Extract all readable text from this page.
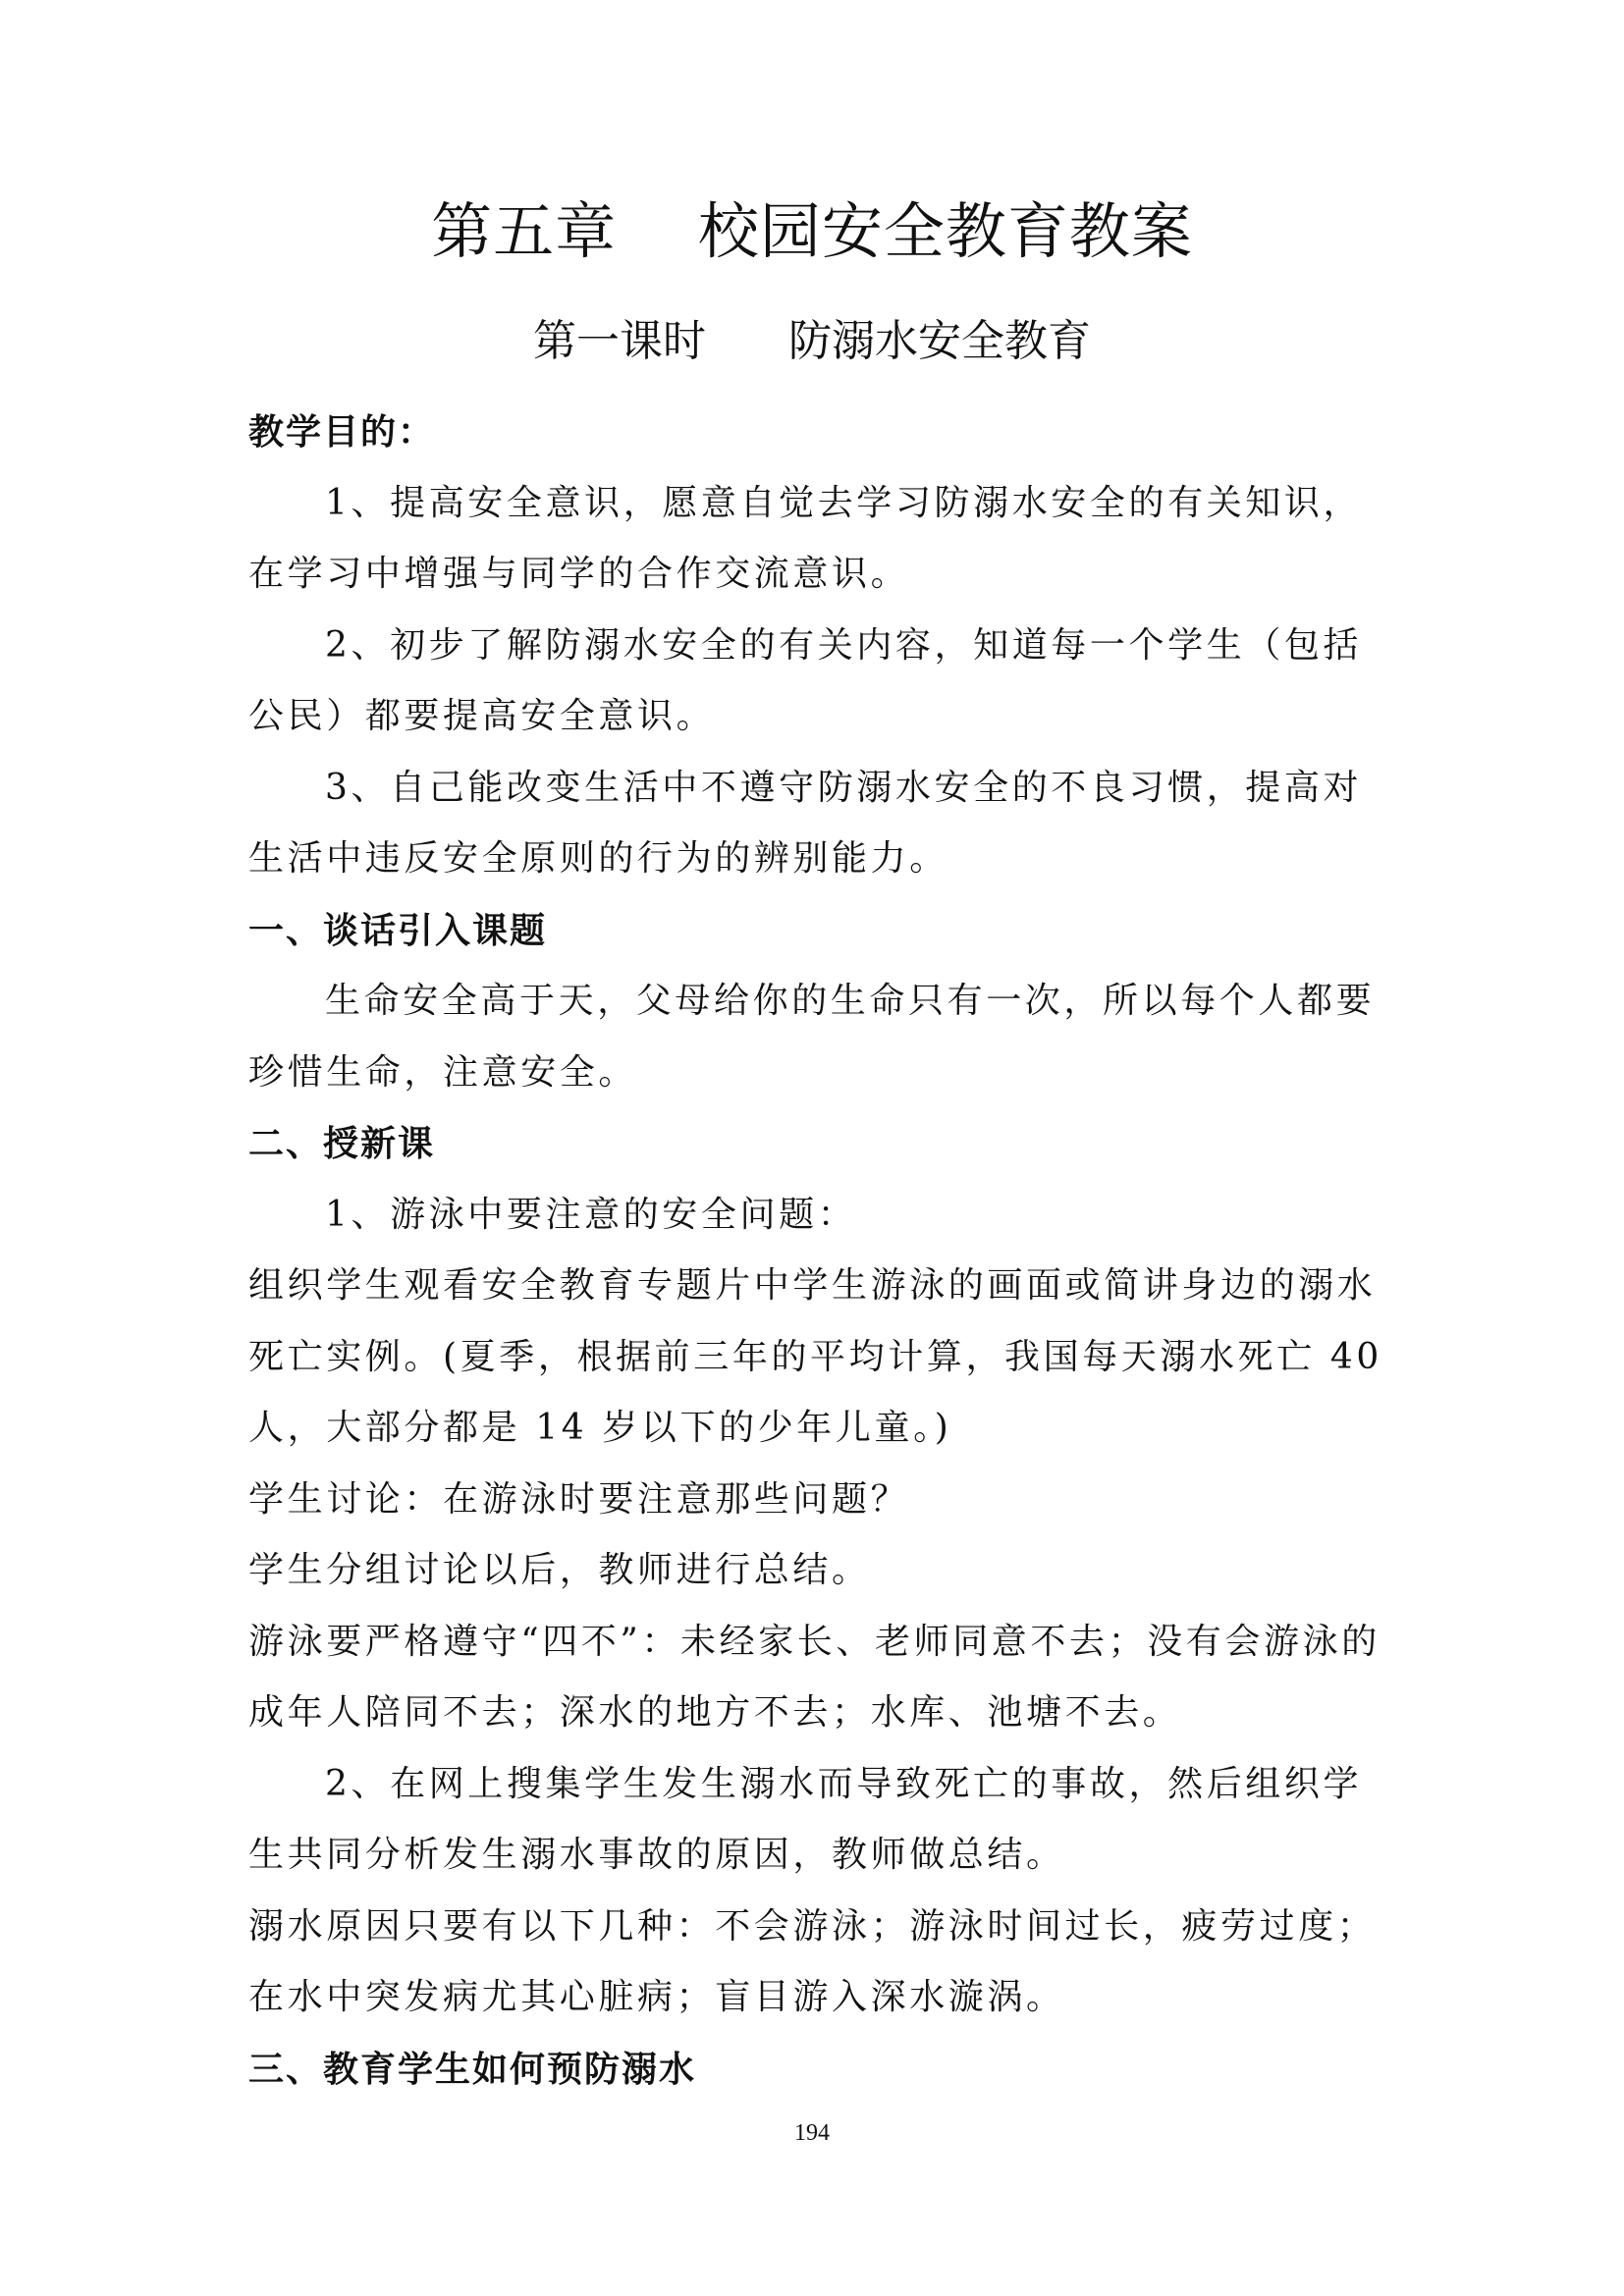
第五章    校园安全教育教案
第一课时      防溺水安全教育

教学目的：

1、提高安全意识，愿意自觉去学习防溺水安全的有关知识，在学习中增强与同学的合作交流意识。

2、初步了解防溺水安全的有关内容，知道每一个学生（包括公民）都要提高安全意识。

3、自己能改变生活中不遵守防溺水安全的不良习惯，提高对生活中违反安全原则的行为的辨别能力。

一、谈话引入课题

生命安全高于天，父母给你的生命只有一次，所以每个人都要珍惜生命，注意安全。

二、授新课

1、游泳中要注意的安全问题：

组织学生观看安全教育专题片中学生游泳的画面或简讲身边的溺水死亡实例。(夏季，根据前三年的平均计算，我国每天溺水死亡 40 人，大部分都是 14 岁以下的少年儿童。)

学生讨论：在游泳时要注意那些问题？

学生分组讨论以后，教师进行总结。

游泳要严格遵守“四不”：未经家长、老师同意不去；没有会游泳的成年人陪同不去；深水的地方不去；水库、池塘不去。

2、在网上搜集学生发生溺水而导致死亡的事故，然后组织学生共同分析发生溺水事故的原因，教师做总结。

溺水原因只要有以下几种：不会游泳；游泳时间过长，疲劳过度；在水中突发病尤其心脏病；盲目游入深水漩涡。

三、教育学生如何预防溺水

194
